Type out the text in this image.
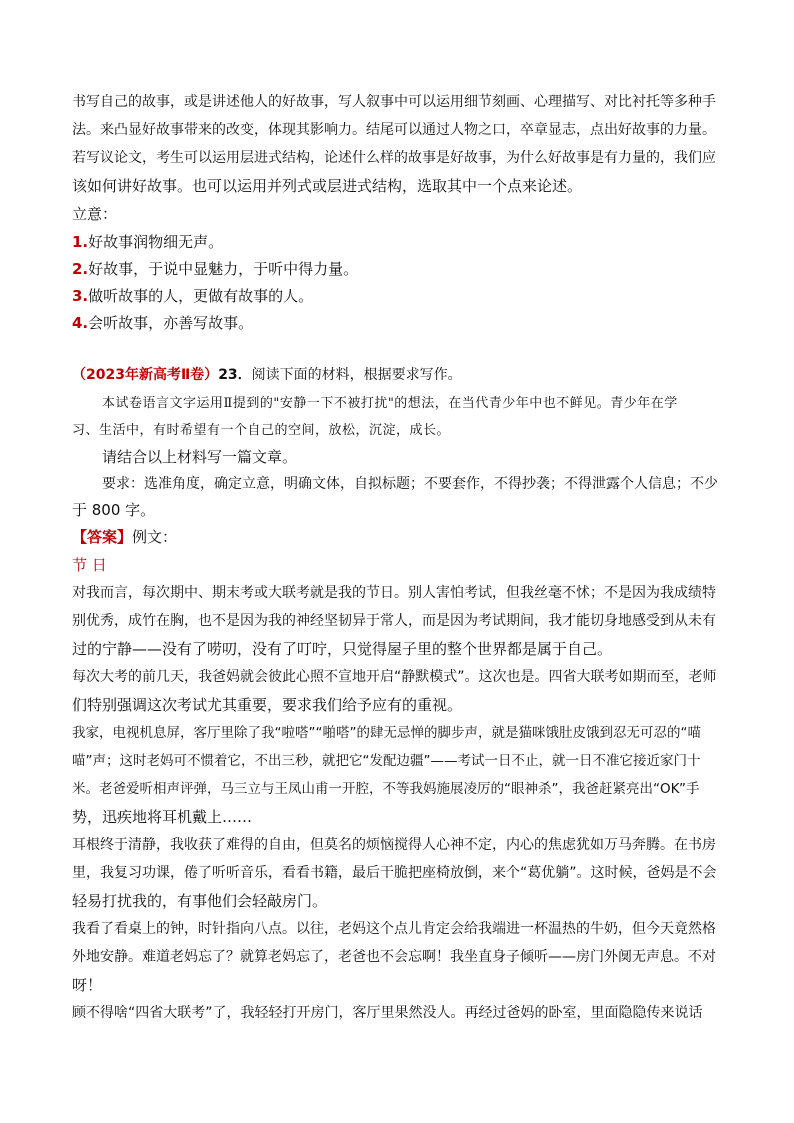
书写自己的故事，或是讲述他人的好故事，写人叙事中可以运用细节刻画、心理描写、对比衬托等多种手
法。来凸显好故事带来的改变，体现其影响力。结尾可以通过人物之口，卒章显志，点出好故事的力量。
若写议论文，考生可以运用层进式结构，论述什么样的故事是好故事，为什么好故事是有力量的，我们应
该如何讲好故事。也可以运用并列式或层进式结构，选取其中一个点来论述。
立意：
1.好故事润物细无声。
2.好故事，于说中显魅力，于听中得力量。
3.做听故事的人，更做有故事的人。
4.会听故事，亦善写故事。
（2023年新高考Ⅱ卷）23．阅读下面的材料，根据要求写作。
本试卷语言文字运用Ⅱ提到的"安静一下不被打扰"的想法，在当代青少年中也不鲜见。青少年在学
习、生活中，有时希望有一个自己的空间，放松，沉淀，成长。
请结合以上材料写一篇文章。
要求：选准角度，确定立意，明确文体，自拟标题；不要套作，不得抄袭；不得泄露个人信息；不少
于 800 字。
【答案】例文：
节 日
对我而言，每次期中、期末考或大联考就是我的节日。别人害怕考试，但我丝毫不怵；不是因为我成绩特
别优秀，成竹在胸，也不是因为我的神经坚韧异于常人，而是因为考试期间，我才能切身地感受到从未有
过的宁静——没有了唠叨，没有了叮咛，只觉得屋子里的整个世界都是属于自己。
每次大考的前几天，我爸妈就会彼此心照不宣地开启“静默模式”。这次也是。四省大联考如期而至，老师
们特别强调这次考试尤其重要，要求我们给予应有的重视。
我家，电视机息屏，客厅里除了我“啦嗒”“啪嗒”的肆无忌惮的脚步声，就是猫咪饿肚皮饿到忍无可忍的“喵
喵”声；这时老妈可不惯着它，不出三秒，就把它“发配边疆”——考试一日不止，就一日不准它接近家门十
米。老爸爱听相声评弹，马三立与王凤山甫一开腔，不等我妈施展凌厉的“眼神杀”，我爸赶紧亮出“OK”手
势，迅疾地将耳机戴上……
耳根终于清静，我收获了难得的自由，但莫名的烦恼搅得人心神不定，内心的焦虑犹如万马奔腾。在书房
里，我复习功课，倦了听听音乐，看看书籍，最后干脆把座椅放倒，来个“葛优躺”。这时候，爸妈是不会
轻易打扰我的，有事他们会轻敲房门。
我看了看桌上的钟，时针指向八点。以往，老妈这个点儿肯定会给我端进一杯温热的牛奶，但今天竟然格
外地安静。难道老妈忘了？就算老妈忘了，老爸也不会忘啊！我坐直身子倾听——房门外阒无声息。不对
呀！
顾不得啥“四省大联考”了，我轻轻打开房门，客厅里果然没人。再经过爸妈的卧室，里面隐隐传来说话
